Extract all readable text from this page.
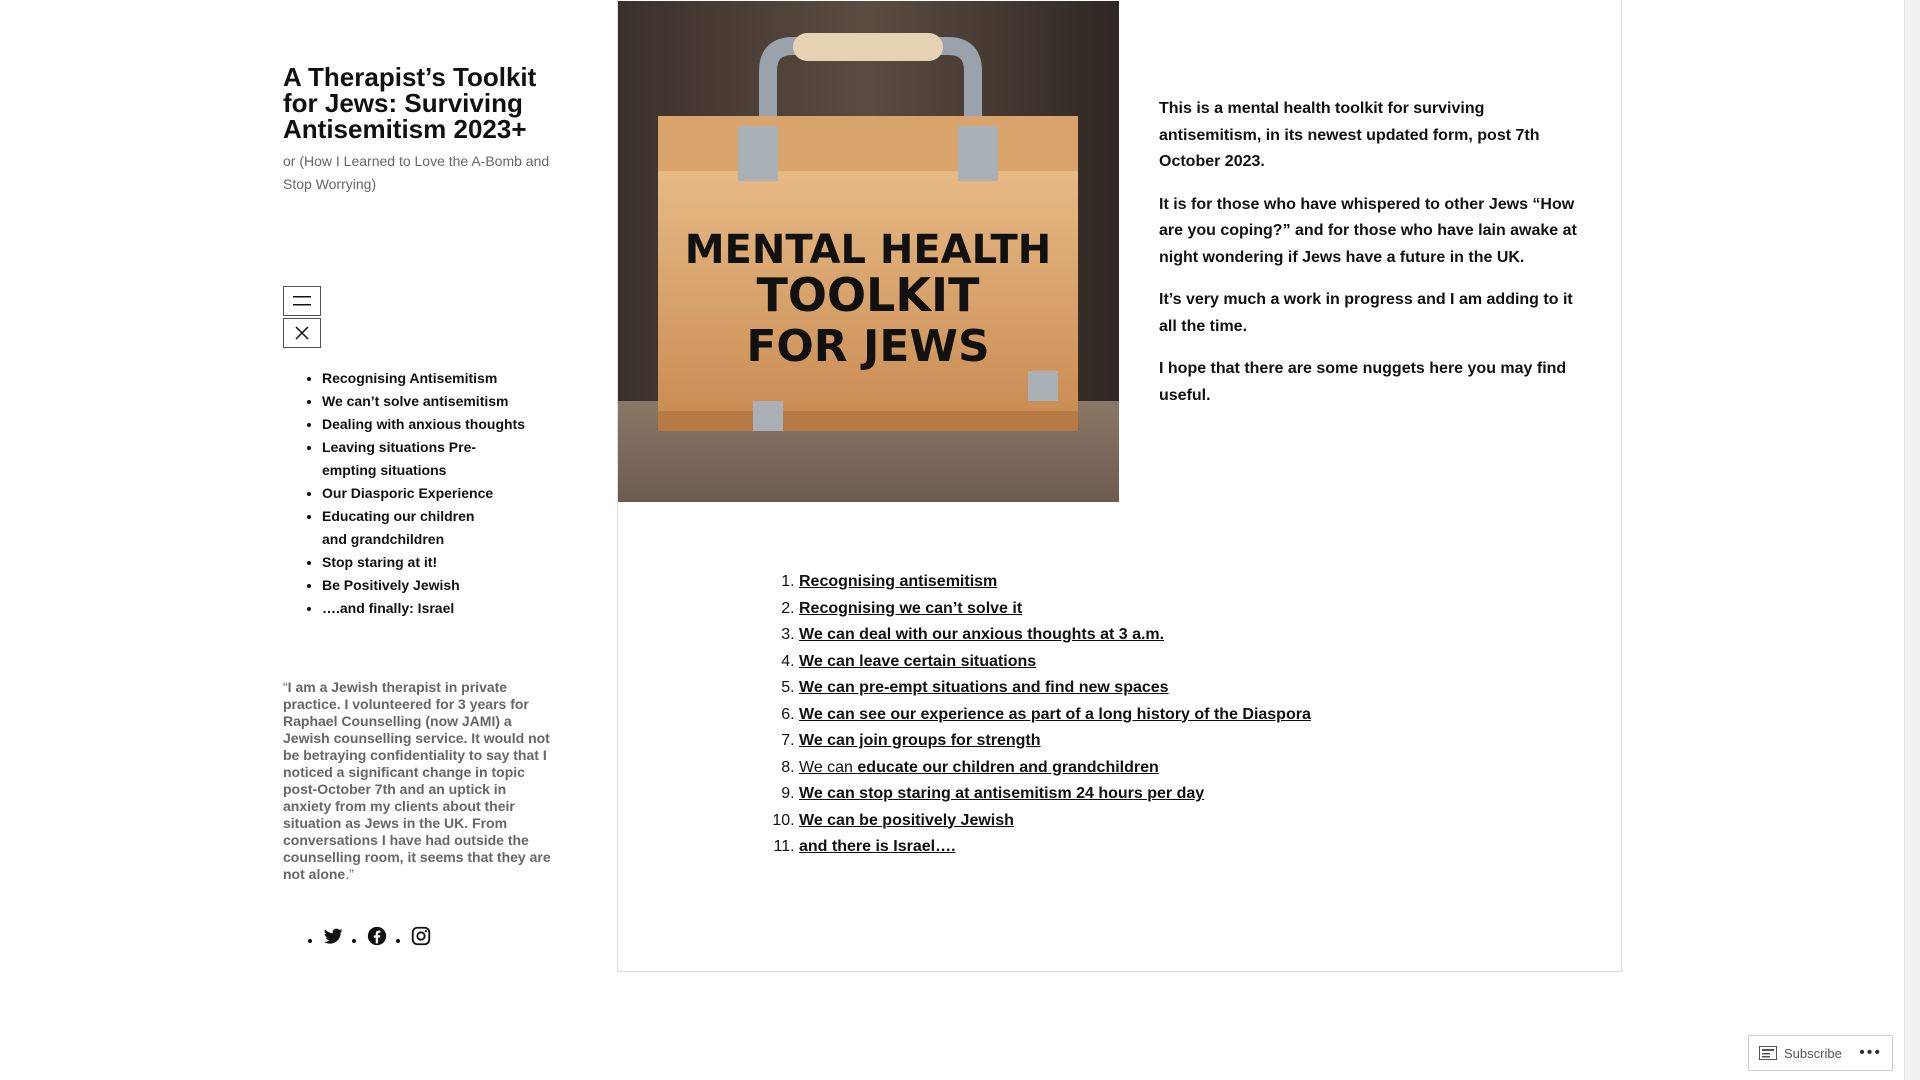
A Therapist’s Toolkit for Jews: Surviving Antisemitism 2023+
or (How I Learned to Love the A-Bomb and Stop Worrying)
• Recognising Antisemitism
• We can’t solve antisemitism
• Dealing with anxious thoughts
• Leaving situations Pre-empting situations
• Our Diasporic Experience
• Educating our children and grandchildren
• Stop staring at it!
• Be Positively Jewish
• ….and finally: Israel
“I am a Jewish therapist in private practice. I volunteered for 3 years for Raphael Counselling (now JAMI) a Jewish counselling service. It would not be betraying confidentiality to say that I noticed a significant change in topic post-October 7th and an uptick in anxiety from my clients about their situation as Jews in the UK. From conversations I have had outside the counselling room, it seems that they are not alone.”
MENTAL HEALTH
TOOLKIT
FOR JEWS

This is a mental health toolkit for surviving antisemitism, in its newest updated form, post 7th October 2023.

It is for those who have whispered to other Jews “How are you coping?” and for those who have lain awake at night wondering if Jews have a future in the UK.

It’s very much a work in progress and I am adding to it all the time.

I hope that there are some nuggets here you may find useful.

1. Recognising antisemitism
2. Recognising we can’t solve it
3. We can deal with our anxious thoughts at 3 a.m.
4. We can leave certain situations
5. We can pre-empt situations and find new spaces
6. We can see our experience as part of a long history of the Diaspora
7. We can join groups for strength
8. We can educate our children and grandchildren
9. We can stop staring at antisemitism 24 hours per day
10. We can be positively Jewish
11. and there is Israel….
Subscribe •••
